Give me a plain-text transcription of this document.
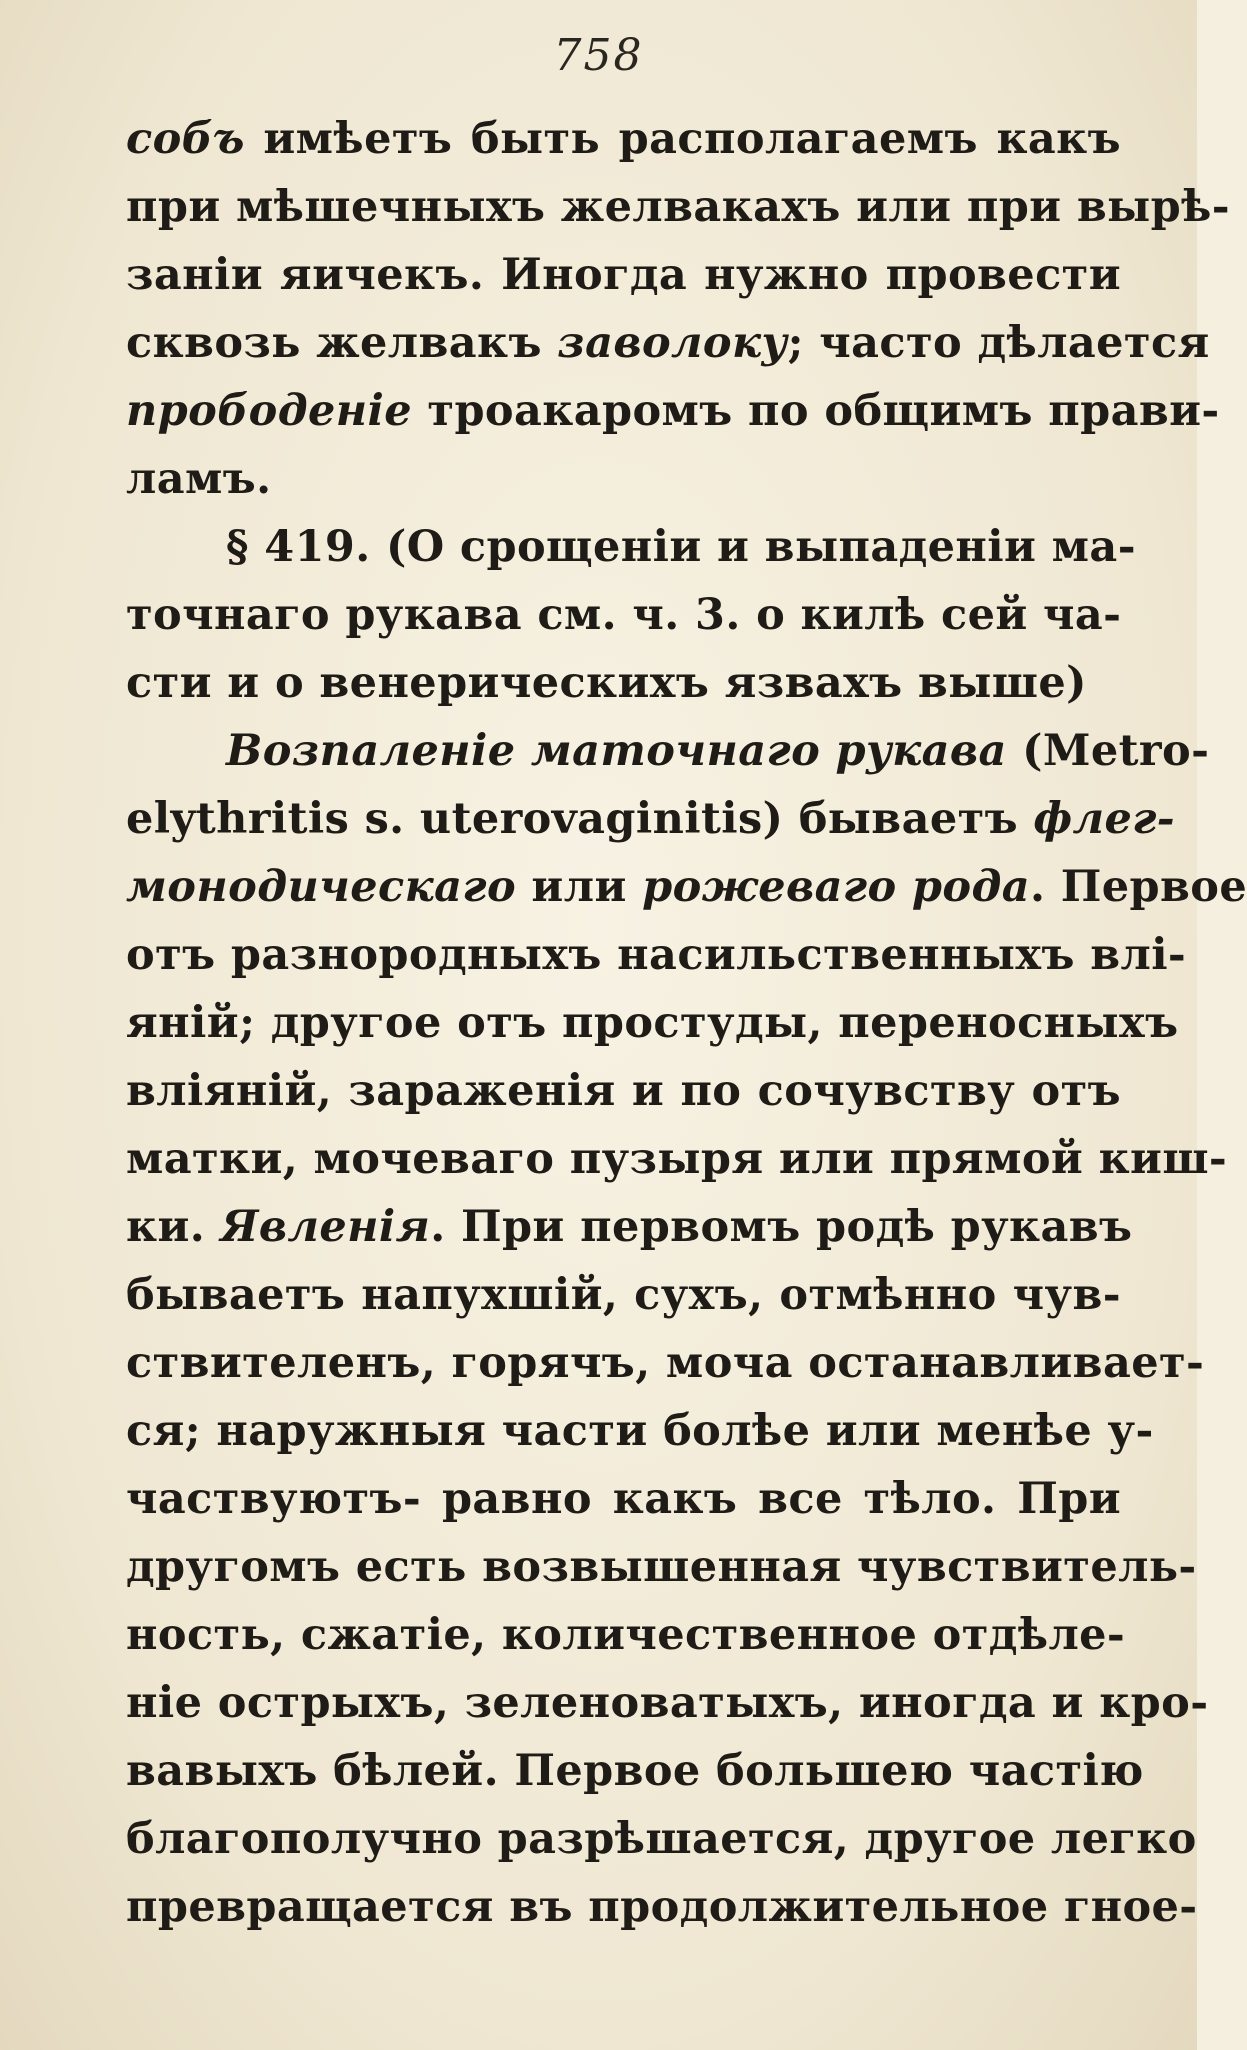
758
собъ имѣетъ быть располагаемъ какъ
при мѣшечныхъ желвакахъ или при вырѣ-
заніи яичекъ. Иногда нужно провести
сквозь желвакъ заволоку; часто дѣлается
прободеніе троакаромъ по общимъ прави-
ламъ.
§ 419. (О срощеніи и выпаденіи ма-
точнаго рукава см. ч. 3. о килѣ сей ча-
сти и о венерическихъ язвахъ выше)
Возпаленіе маточнаго рукава (Metro-
elythritis s. uterovaginitis) бываетъ флег-
монодическаго или рожеваго рода. Первое
отъ разнородныхъ насильственныхъ влі-
яній; другое отъ простуды, переносныхъ
вліяній, зараженія и по сочувству отъ
матки, мочеваго пузыря или прямой киш-
ки. Явленія. При первомъ родѣ рукавъ
бываетъ напухшій, сухъ, отмѣнно чув-
ствителенъ, горячъ, моча останавливает-
ся; наружныя части болѣе или менѣе у-
частвуютъ- равно какъ все тѣло. При
другомъ есть возвышенная чувствитель-
ность, сжатіе, количественное отдѣле-
ніе острыхъ, зеленоватыхъ, иногда и кро-
вавыхъ бѣлей. Первое большею частію
благополучно разрѣшается, другое легко
превращается въ продолжительное гное-
